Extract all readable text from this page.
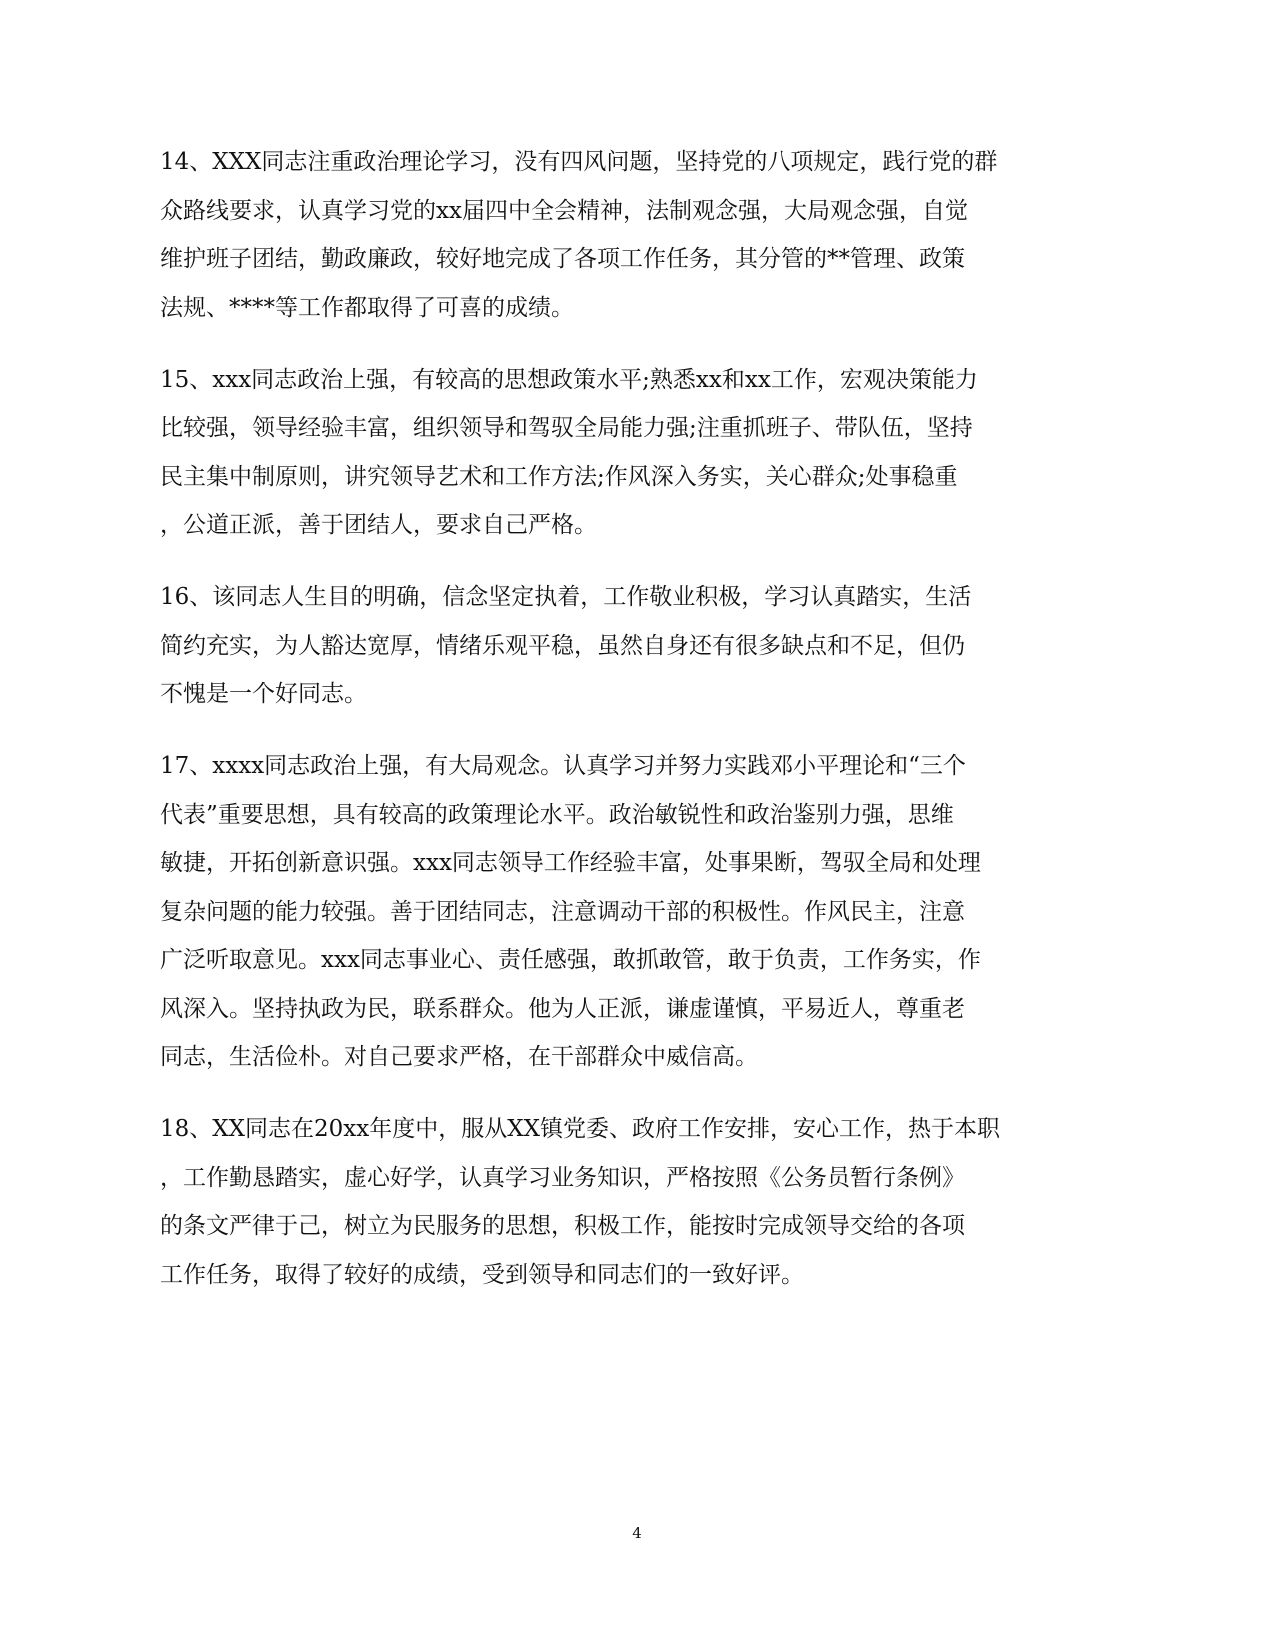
14、XXX同志注重政治理论学习，没有四风问题，坚持党的八项规定，践行党的群
众路线要求，认真学习党的xx届四中全会精神，法制观念强，大局观念强，自觉
维护班子团结，勤政廉政，较好地完成了各项工作任务，其分管的**管理、政策
法规、****等工作都取得了可喜的成绩。
15、xxx同志政治上强，有较高的思想政策水平;熟悉xx和xx工作，宏观决策能力
比较强，领导经验丰富，组织领导和驾驭全局能力强;注重抓班子、带队伍，坚持
民主集中制原则，讲究领导艺术和工作方法;作风深入务实，关心群众;处事稳重
，公道正派，善于团结人，要求自己严格。
16、该同志人生目的明确，信念坚定执着，工作敬业积极，学习认真踏实，生活
简约充实，为人豁达宽厚，情绪乐观平稳，虽然自身还有很多缺点和不足，但仍
不愧是一个好同志。
17、xxxx同志政治上强，有大局观念。认真学习并努力实践邓小平理论和“三个
代表”重要思想，具有较高的政策理论水平。政治敏锐性和政治鉴别力强，思维
敏捷，开拓创新意识强。xxx同志领导工作经验丰富，处事果断，驾驭全局和处理
复杂问题的能力较强。善于团结同志，注意调动干部的积极性。作风民主，注意
广泛听取意见。xxx同志事业心、责任感强，敢抓敢管，敢于负责，工作务实，作
风深入。坚持执政为民，联系群众。他为人正派，谦虚谨慎，平易近人，尊重老
同志，生活俭朴。对自己要求严格，在干部群众中威信高。
18、XX同志在20xx年度中，服从XX镇党委、政府工作安排，安心工作，热于本职
，工作勤恳踏实，虚心好学，认真学习业务知识，严格按照《公务员暂行条例》
的条文严律于己，树立为民服务的思想，积极工作，能按时完成领导交给的各项
工作任务，取得了较好的成绩，受到领导和同志们的一致好评。
4
